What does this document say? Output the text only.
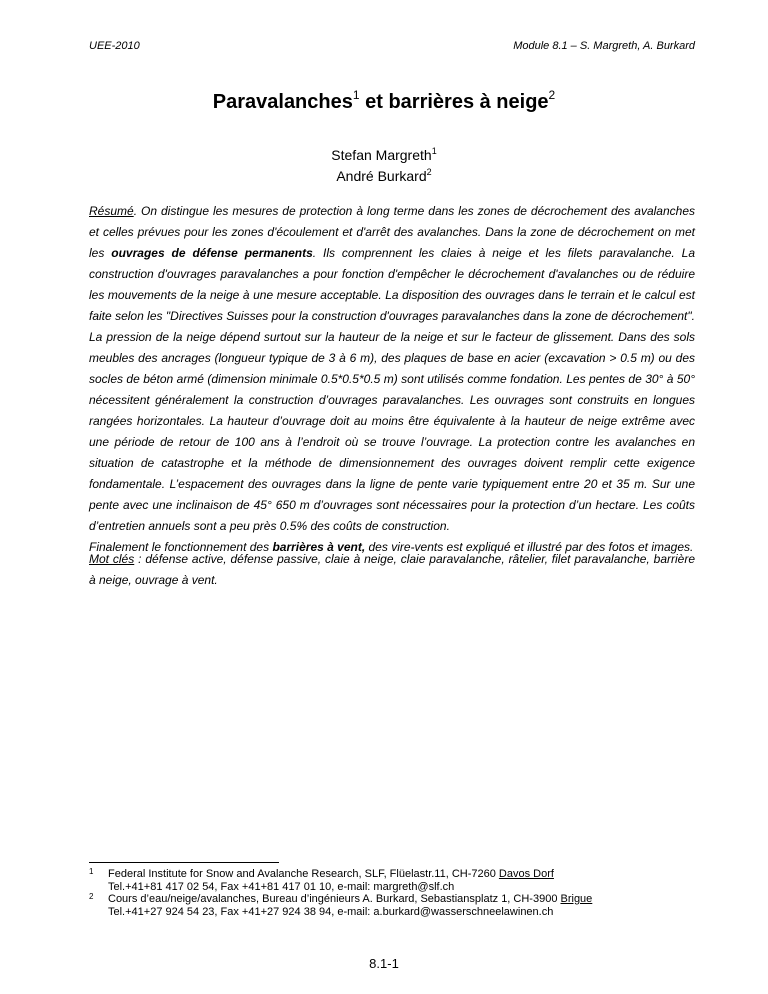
UEE-2010	Module 8.1 – S. Margreth, A. Burkard
Paravalanches$^1$ et barrières à neige$^2$
Stefan Margreth$^1$
André Burkard$^2$

Résumé. On distingue les mesures de protection à long terme dans les zones de décrochement des avalanches et celles prévues pour les zones d'écoulement et d'arrêt des avalanches. Dans la zone de décrochement on met les ouvrages de défense permanents. Ils comprennent les claies à neige et les filets paravalanche. La construction d'ouvrages paravalanches a pour fonction d'empêcher le décrochement d'avalanches ou de réduire les mouvements de la neige à une mesure acceptable. La disposition des ouvrages dans le terrain et le calcul est faite selon les "Directives Suisses pour la construction d'ouvrages paravalanches dans la zone de décrochement". La pression de la neige dépend surtout sur la hauteur de la neige et sur le facteur de glissement. Dans des sols meubles des ancrages (longueur typique de 3 à 6 m), des plaques de base en acier (excavation > 0.5 m) ou des socles de béton armé (dimension minimale 0.5*0.5*0.5 m) sont utilisés comme fondation. Les pentes de 30° à 50° nécessitent généralement la construction d’ouvrages paravalanches. Les ouvrages sont construits en longues rangées horizontales. La hauteur d’ouvrage doit au moins être équivalente à la hauteur de neige extrême avec une période de retour de 100 ans à l’endroit où se trouve l’ouvrage. La protection contre les avalanches en situation de catastrophe et la méthode de dimensionnement des ouvrages doivent remplir cette exigence fondamentale. L’espacement des ouvrages dans la ligne de pente varie typiquement entre 20 et 35 m. Sur une pente avec une inclinaison de 45° 650 m d’ouvrages sont nécessaires pour la protection d’un hectare. Les coûts d’entretien annuels sont a peu près 0.5% des coûts de construction.
Finalement le fonctionnement des barrières à vent, des vire-vents est expliqué et illustré par des fotos et images.

Mot clés : défense active, défense passive, claie à neige, claie paravalanche, râtelier, filet paravalanche, barrière à neige, ouvrage à vent.

1 Federal Institute for Snow and Avalanche Research, SLF, Flüelastr.11, CH-7260 Davos Dorf
Tel.+41+81 417 02 54, Fax +41+81 417 01 10, e-mail: margreth@slf.ch
2 Cours d’eau/neige/avalanches, Bureau d’ingénieurs A. Burkard, Sebastiansplatz 1, CH-3900 Brigue
Tel.+41+27 924 54 23, Fax +41+27 924 38 94, e-mail: a.burkard@wasserschneelawinen.ch
8.1-1
